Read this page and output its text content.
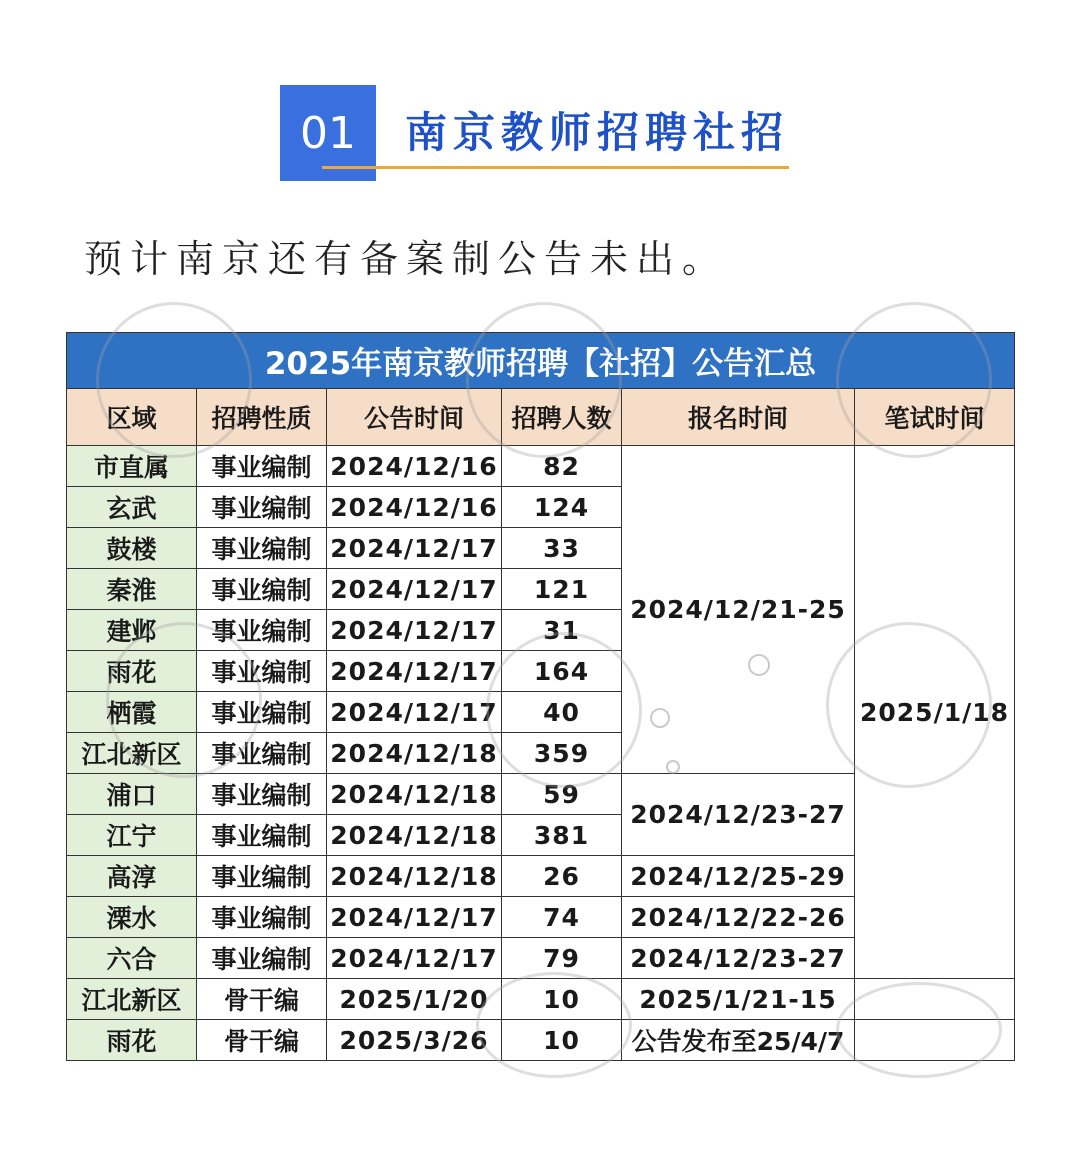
01 南京教师招聘社招
预计南京还有备案制公告未出。
2025年南京教师招聘【社招】公告汇总					
区域	招聘性质	公告时间	招聘人数	报名时间	笔试时间
市直属	事业编制	2024/12/16	82	2024/12/21-25	2025/1/18
玄武	事业编制	2024/12/16	124		
鼓楼	事业编制	2024/12/17	33		
秦淮	事业编制	2024/12/17	121		
建邺	事业编制	2024/12/17	31		
雨花	事业编制	2024/12/17	164		
栖霞	事业编制	2024/12/17	40		
江北新区	事业编制	2024/12/18	359		
浦口	事业编制	2024/12/18	59	2024/12/23-27	
江宁	事业编制	2024/12/18	381		
高淳	事业编制	2024/12/18	26	2024/12/25-29	
溧水	事业编制	2024/12/17	74	2024/12/22-26	
六合	事业编制	2024/12/17	79	2024/12/23-27	
江北新区	骨干编	2025/1/20	10	2025/1/21-15	
雨花	骨干编	2025/3/26	10	公告发布至25/4/7	
